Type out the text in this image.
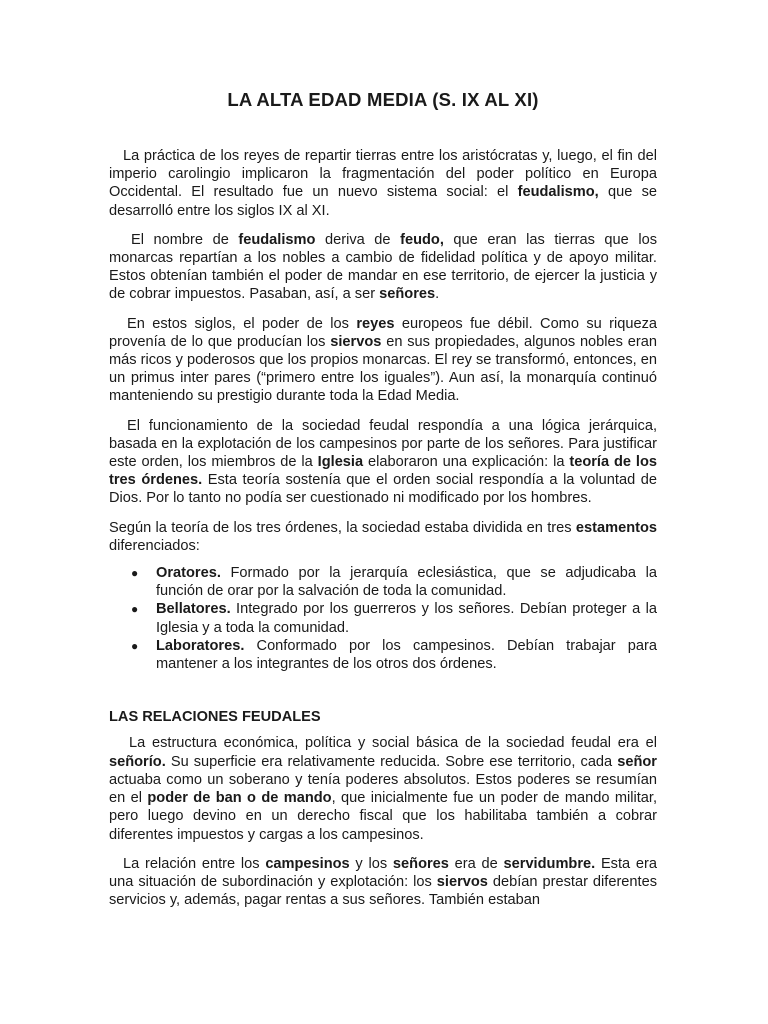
LA ALTA EDAD MEDIA (S. IX AL XI)

La práctica de los reyes de repartir tierras entre los aristócratas y, luego, el fin del imperio carolingio implicaron la fragmentación del poder político en Europa Occidental. El resultado fue un nuevo sistema social: el feudalismo, que se desarrolló entre los siglos IX al XI.

El nombre de feudalismo deriva de feudo, que eran las tierras que los monarcas repartían a los nobles a cambio de fidelidad política y de apoyo militar. Estos obtenían también el poder de mandar en ese territorio, de ejercer la justicia y de cobrar impuestos. Pasaban, así, a ser señores.

En estos siglos, el poder de los reyes europeos fue débil. Como su riqueza provenía de lo que producían los siervos en sus propiedades, algunos nobles eran más ricos y poderosos que los propios monarcas. El rey se transformó, entonces, en un primus inter pares (“primero entre los iguales”). Aun así, la monarquía continuó manteniendo su prestigio durante toda la Edad Media.

El funcionamiento de la sociedad feudal respondía a una lógica jerárquica, basada en la explotación de los campesinos por parte de los señores. Para justificar este orden, los miembros de la Iglesia elaboraron una explicación: la teoría de los tres órdenes. Esta teoría sostenía que el orden social respondía a la voluntad de Dios. Por lo tanto no podía ser cuestionado ni modificado por los hombres.

Según la teoría de los tres órdenes, la sociedad estaba dividida en tres estamentos diferenciados:

● Oratores. Formado por la jerarquía eclesiástica, que se adjudicaba la función de orar por la salvación de toda la comunidad.
● Bellatores. Integrado por los guerreros y los señores. Debían proteger a la Iglesia y a toda la comunidad.
● Laboratores. Conformado por los campesinos. Debían trabajar para mantener a los integrantes de los otros dos órdenes.
LAS RELACIONES FEUDALES

La estructura económica, política y social básica de la sociedad feudal era el señorío. Su superficie era relativamente reducida. Sobre ese territorio, cada señor actuaba como un soberano y tenía poderes absolutos. Estos poderes se resumían en el poder de ban o de mando, que inicialmente fue un poder de mando militar, pero luego devino en un derecho fiscal que los habilitaba también a cobrar diferentes impuestos y cargas a los campesinos.

La relación entre los campesinos y los señores era de servidumbre. Esta era una situación de subordinación y explotación: los siervos debían prestar diferentes servicios y, además, pagar rentas a sus señores. También estaban
